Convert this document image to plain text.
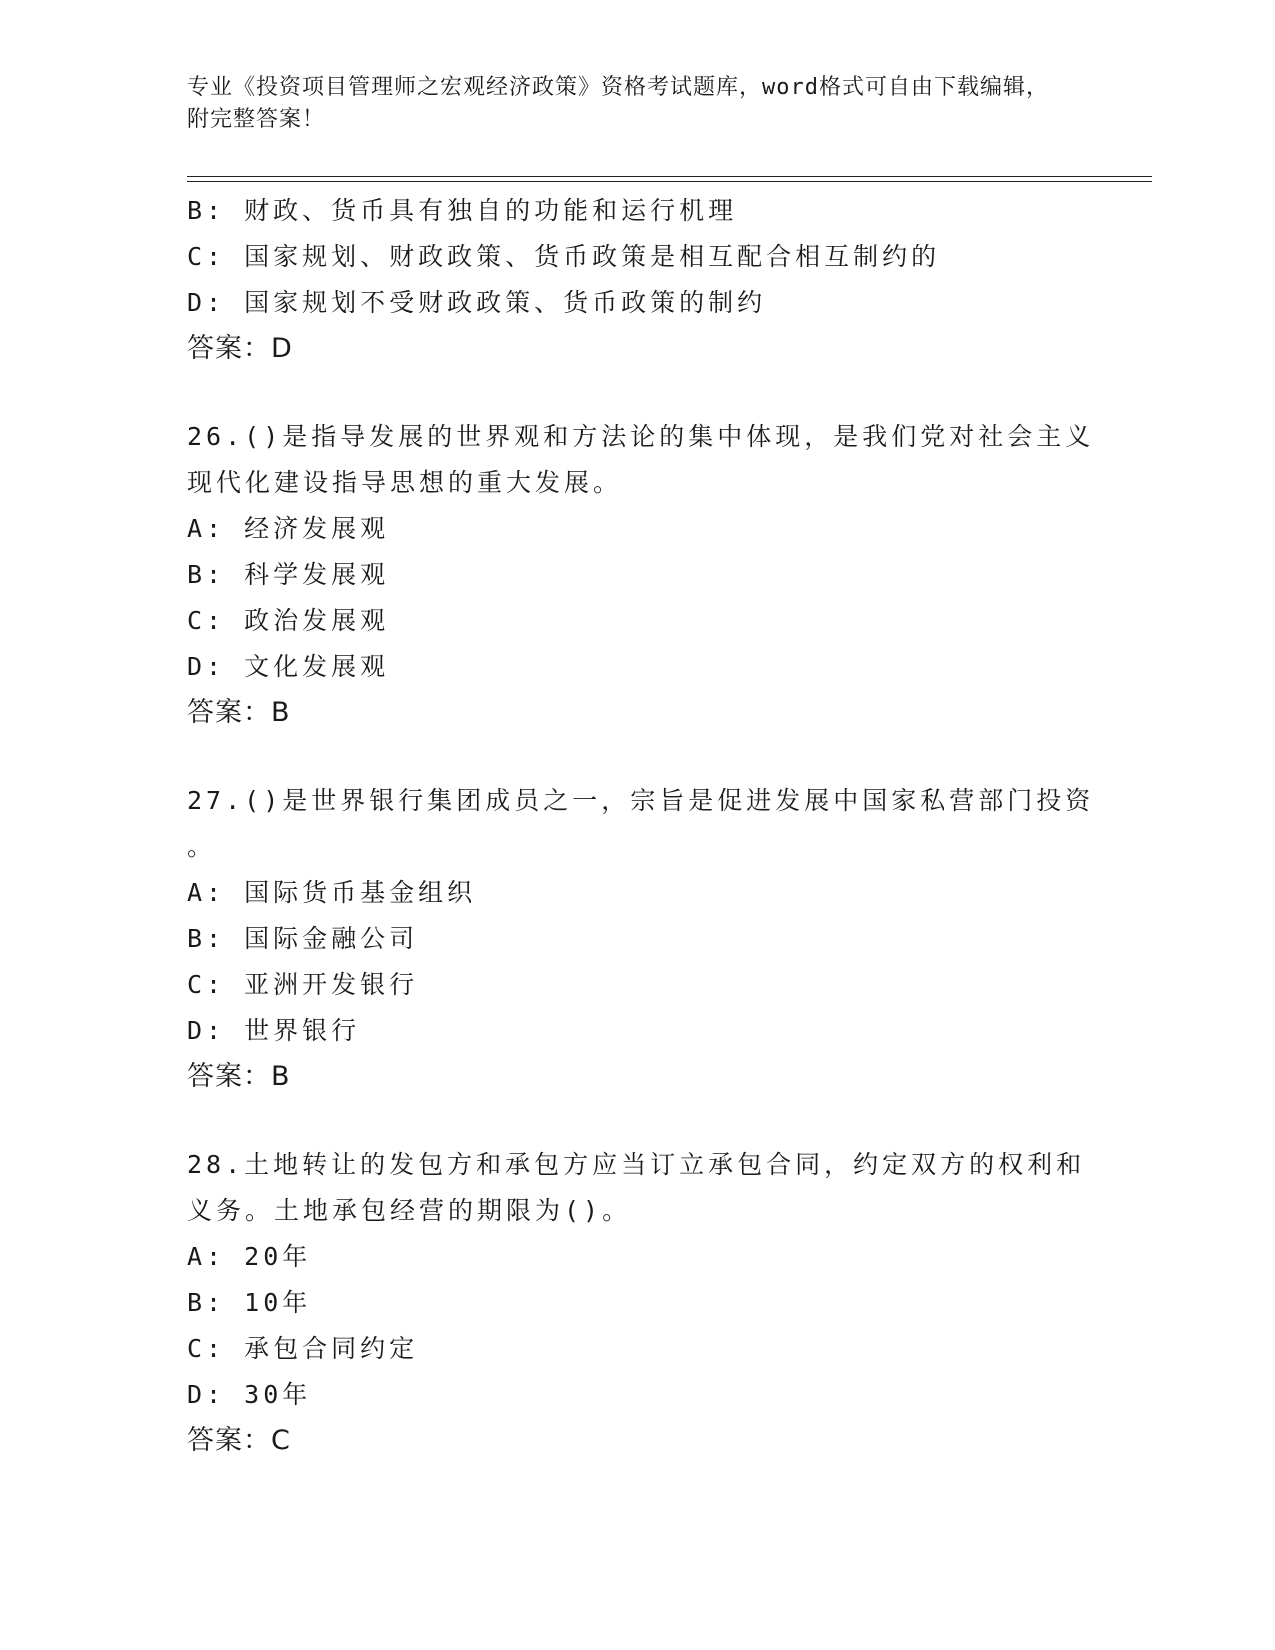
专业《投资项目管理师之宏观经济政策》资格考试题库，word格式可自由下载编辑，附完整答案！
B: 财政、货币具有独自的功能和运行机理
C: 国家规划、财政政策、货币政策是相互配合相互制约的
D: 国家规划不受财政政策、货币政策的制约
答案：D
26.()是指导发展的世界观和方法论的集中体现，是我们党对社会主义
现代化建设指导思想的重大发展。
A: 经济发展观
B: 科学发展观
C: 政治发展观
D: 文化发展观
答案：B
27.()是世界银行集团成员之一，宗旨是促进发展中国家私营部门投资
。
A: 国际货币基金组织
B: 国际金融公司
C: 亚洲开发银行
D: 世界银行
答案：B
28.土地转让的发包方和承包方应当订立承包合同，约定双方的权利和
义务。土地承包经营的期限为()。
A: 20年
B: 10年
C: 承包合同约定
D: 30年
答案：C
